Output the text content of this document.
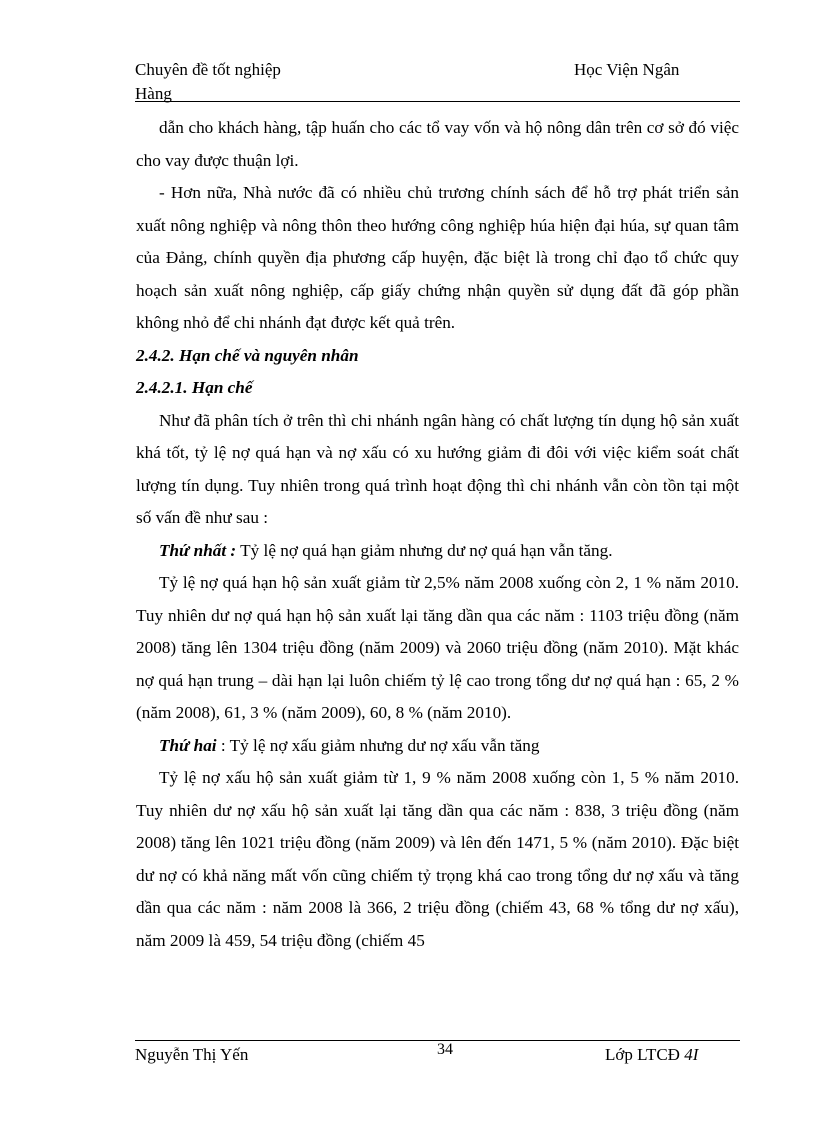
Chuyên đề tốt nghiệp
Hàng
Học Viện Ngân

dẫn cho khách hàng, tập huấn cho các tổ vay vốn và hộ nông dân trên cơ sở đó việc cho vay được thuận lợi.

- Hơn nữa, Nhà nước đã có nhiều chủ trương chính sách để hỗ trợ phát triển sản xuất nông nghiệp và nông thôn theo hướng công nghiệp húa hiện đại húa, sự quan tâm của Đảng, chính quyền địa phương cấp huyện, đặc biệt là trong chỉ đạo tổ chức quy hoạch sản xuất nông nghiệp, cấp giấy chứng nhận quyền sử dụng đất đã góp phần không nhỏ để chi nhánh đạt được kết quả trên.

2.4.2. Hạn chế và nguyên nhân

2.4.2.1. Hạn chế

Như đã phân tích ở trên thì chi nhánh ngân hàng có chất lượng tín dụng hộ sản xuất khá tốt, tỷ lệ nợ quá hạn và nợ xấu có xu hướng giảm đi đôi với việc kiểm soát chất lượng tín dụng. Tuy nhiên trong quá trình hoạt động thì chi nhánh vẫn còn tồn tại một số vấn đề như sau :

Thứ nhất : Tỷ lệ nợ quá hạn giảm nhưng dư nợ quá hạn vẫn tăng.

Tỷ lệ nợ quá hạn hộ sản xuất giảm từ 2,5% năm 2008 xuống còn 2, 1 % năm 2010. Tuy nhiên dư nợ quá hạn hộ sản xuất lại tăng dần qua các năm : 1103 triệu đồng (năm 2008) tăng lên 1304 triệu đồng (năm 2009) và 2060 triệu đồng (năm 2010). Mặt khác nợ quá hạn trung – dài hạn lại luôn chiếm tỷ lệ cao trong tổng dư nợ quá hạn : 65, 2 % (năm 2008), 61, 3 % (năm 2009), 60, 8 % (năm 2010).

Thứ hai : Tỷ lệ nợ xấu giảm nhưng dư nợ xấu vẫn tăng

Tỷ lệ nợ xấu hộ sản xuất giảm từ 1, 9 % năm 2008 xuống còn 1, 5 % năm 2010. Tuy nhiên dư nợ xấu hộ sản xuất lại tăng dần qua các năm : 838, 3 triệu đồng (năm 2008) tăng lên 1021 triệu đồng (năm 2009) và lên đến 1471, 5 % (năm 2010). Đặc biệt dư nợ có khả năng mất vốn cũng chiếm tỷ trọng khá cao trong tổng dư nợ xấu và tăng dần qua các năm : năm 2008 là 366, 2 triệu đồng (chiếm 43, 68 % tổng dư nợ xấu), năm 2009 là 459, 54 triệu đồng (chiếm 45

Nguyễn Thị Yến	34	Lớp LTCĐ 4I
